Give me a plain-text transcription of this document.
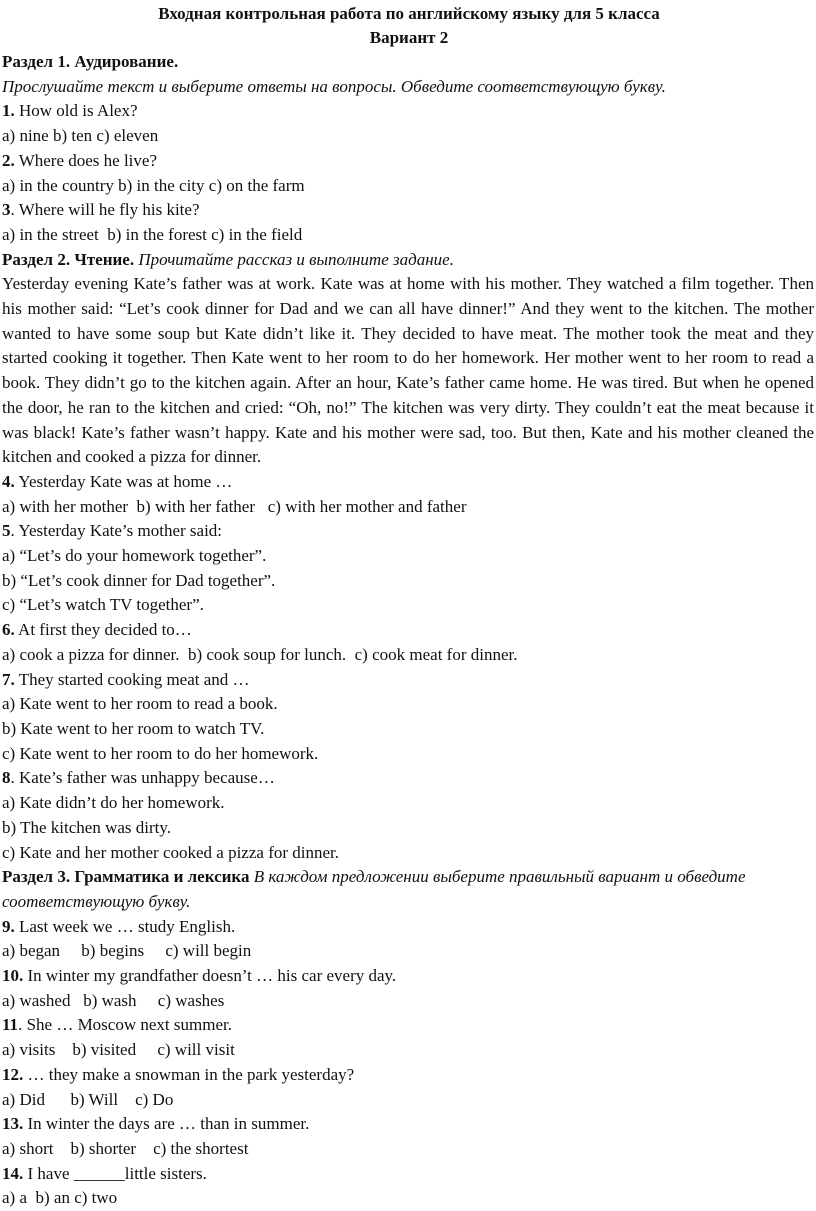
Входная контрольная работа по английскому языку для 5 класса

Вариант 2

Раздел 1. Аудирование.

Прослушайте текст и выберите ответы на вопросы. Обведите соответствующую букву.

1. How old is Alex?

a) nine b) ten c) eleven

2. Where does he live?

a) in the country b) in the city c) on the farm

3. Where will he fly his kite?

a) in the street  b) in the forest c) in the field

Раздел 2. Чтение. Прочитайте рассказ и выполните задание.

Yesterday evening Kate’s father was at work. Kate was at home with his mother. They watched a film together. Then his mother said: “Let’s cook dinner for Dad and we can all have dinner!” And they went to the kitchen. The mother wanted to have some soup but Kate didn’t like it. They decided to have meat. The mother took the meat and they started cooking it together. Then Kate went to her room to do her homework. Her mother went to her room to read a book. They didn’t go to the kitchen again. After an hour, Kate’s father came home. He was tired. But when he opened the door, he ran to the kitchen and cried: “Oh, no!” The kitchen was very dirty. They couldn’t eat the meat because it was black! Kate’s father wasn’t happy. Kate and his mother were sad, too. But then, Kate and his mother cleaned the kitchen and cooked a pizza for dinner.

4. Yesterday Kate was at home …

a) with her mother  b) with her father   c) with her mother and father

5. Yesterday Kate’s mother said:

a) “Let’s do your homework together”.

b) “Let’s cook dinner for Dad together”.

c) “Let’s watch TV together”.

6. At first they decided to…

a) cook a pizza for dinner.  b) cook soup for lunch.  c) cook meat for dinner.

7. They started cooking meat and …

a) Kate went to her room to read a book.

b) Kate went to her room to watch TV.

c) Kate went to her room to do her homework.

8. Kate’s father was unhappy because…

a) Kate didn’t do her homework.

b) The kitchen was dirty.

c) Kate and her mother cooked a pizza for dinner.

Раздел 3. Грамматика и лексика В каждом предложении выберите правильный вариант и обведите

соответствующую букву.

9. Last week we … study English.

a) began     b) begins     c) will begin

10. In winter my grandfather doesn’t … his car every day.

a) washed   b) wash     c) washes

11. She … Moscow next summer.

a) visits    b) visited     c) will visit

12. … they make a snowman in the park yesterday?

a) Did      b) Will    c) Do

13. In winter the days are … than in summer.

a) short    b) shorter    c) the shortest

14. I have ______little sisters.

a) a  b) an c) two
